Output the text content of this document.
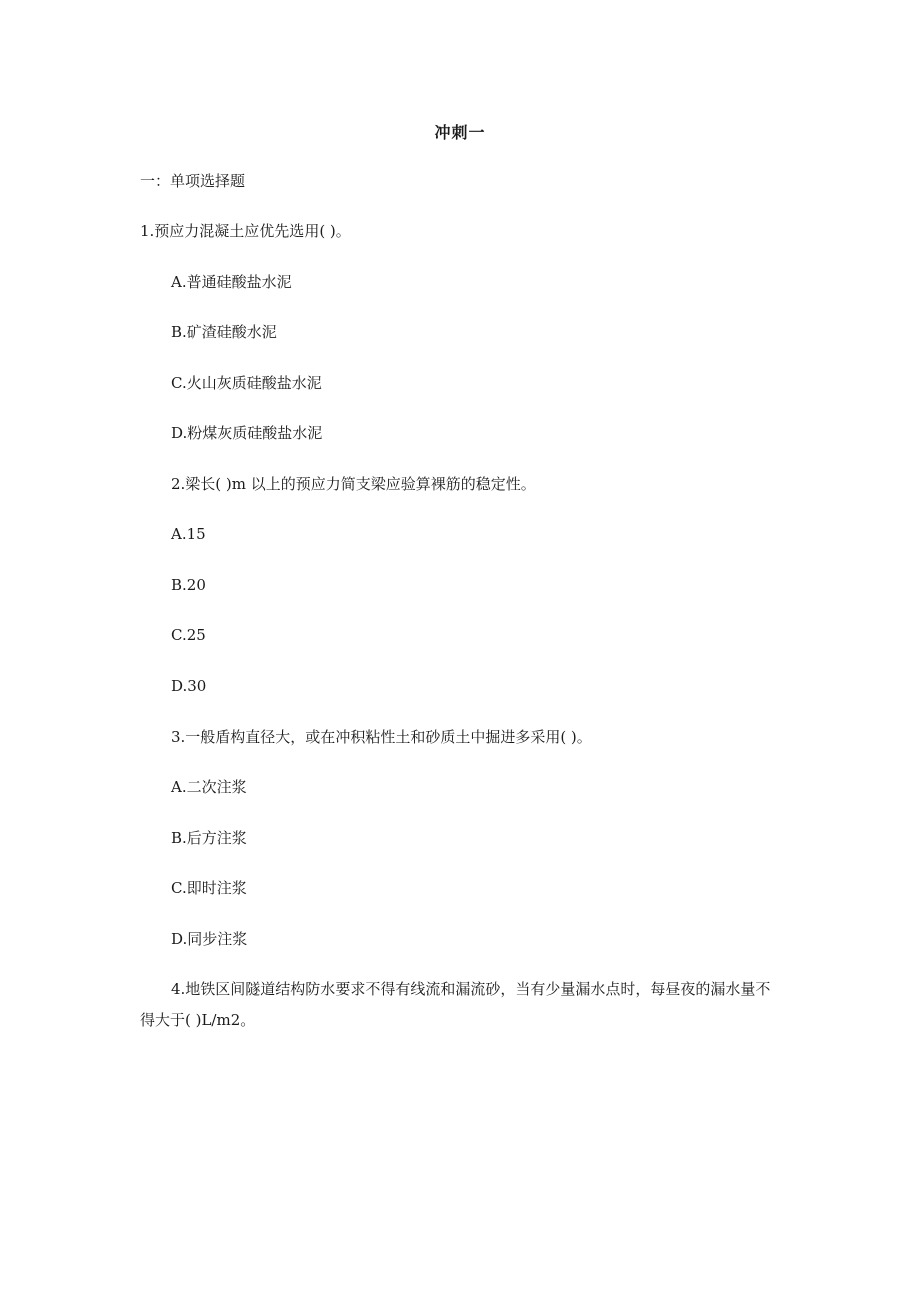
冲刺一
一：单项选择题
1.预应力混凝土应优先选用( )。
A.普通硅酸盐水泥
B.矿渣硅酸水泥
C.火山灰质硅酸盐水泥
D.粉煤灰质硅酸盐水泥
2.梁长( )m 以上的预应力简支梁应验算裸筋的稳定性。
A.15
B.20
C.25
D.30
3.一般盾构直径大，或在冲积粘性土和砂质土中掘进多采用( )。
A.二次注浆
B.后方注浆
C.即时注浆
D.同步注浆
4.地铁区间隧道结构防水要求不得有线流和漏流砂，当有少量漏水点时，每昼夜的漏水量不得大于( )L/m2。
